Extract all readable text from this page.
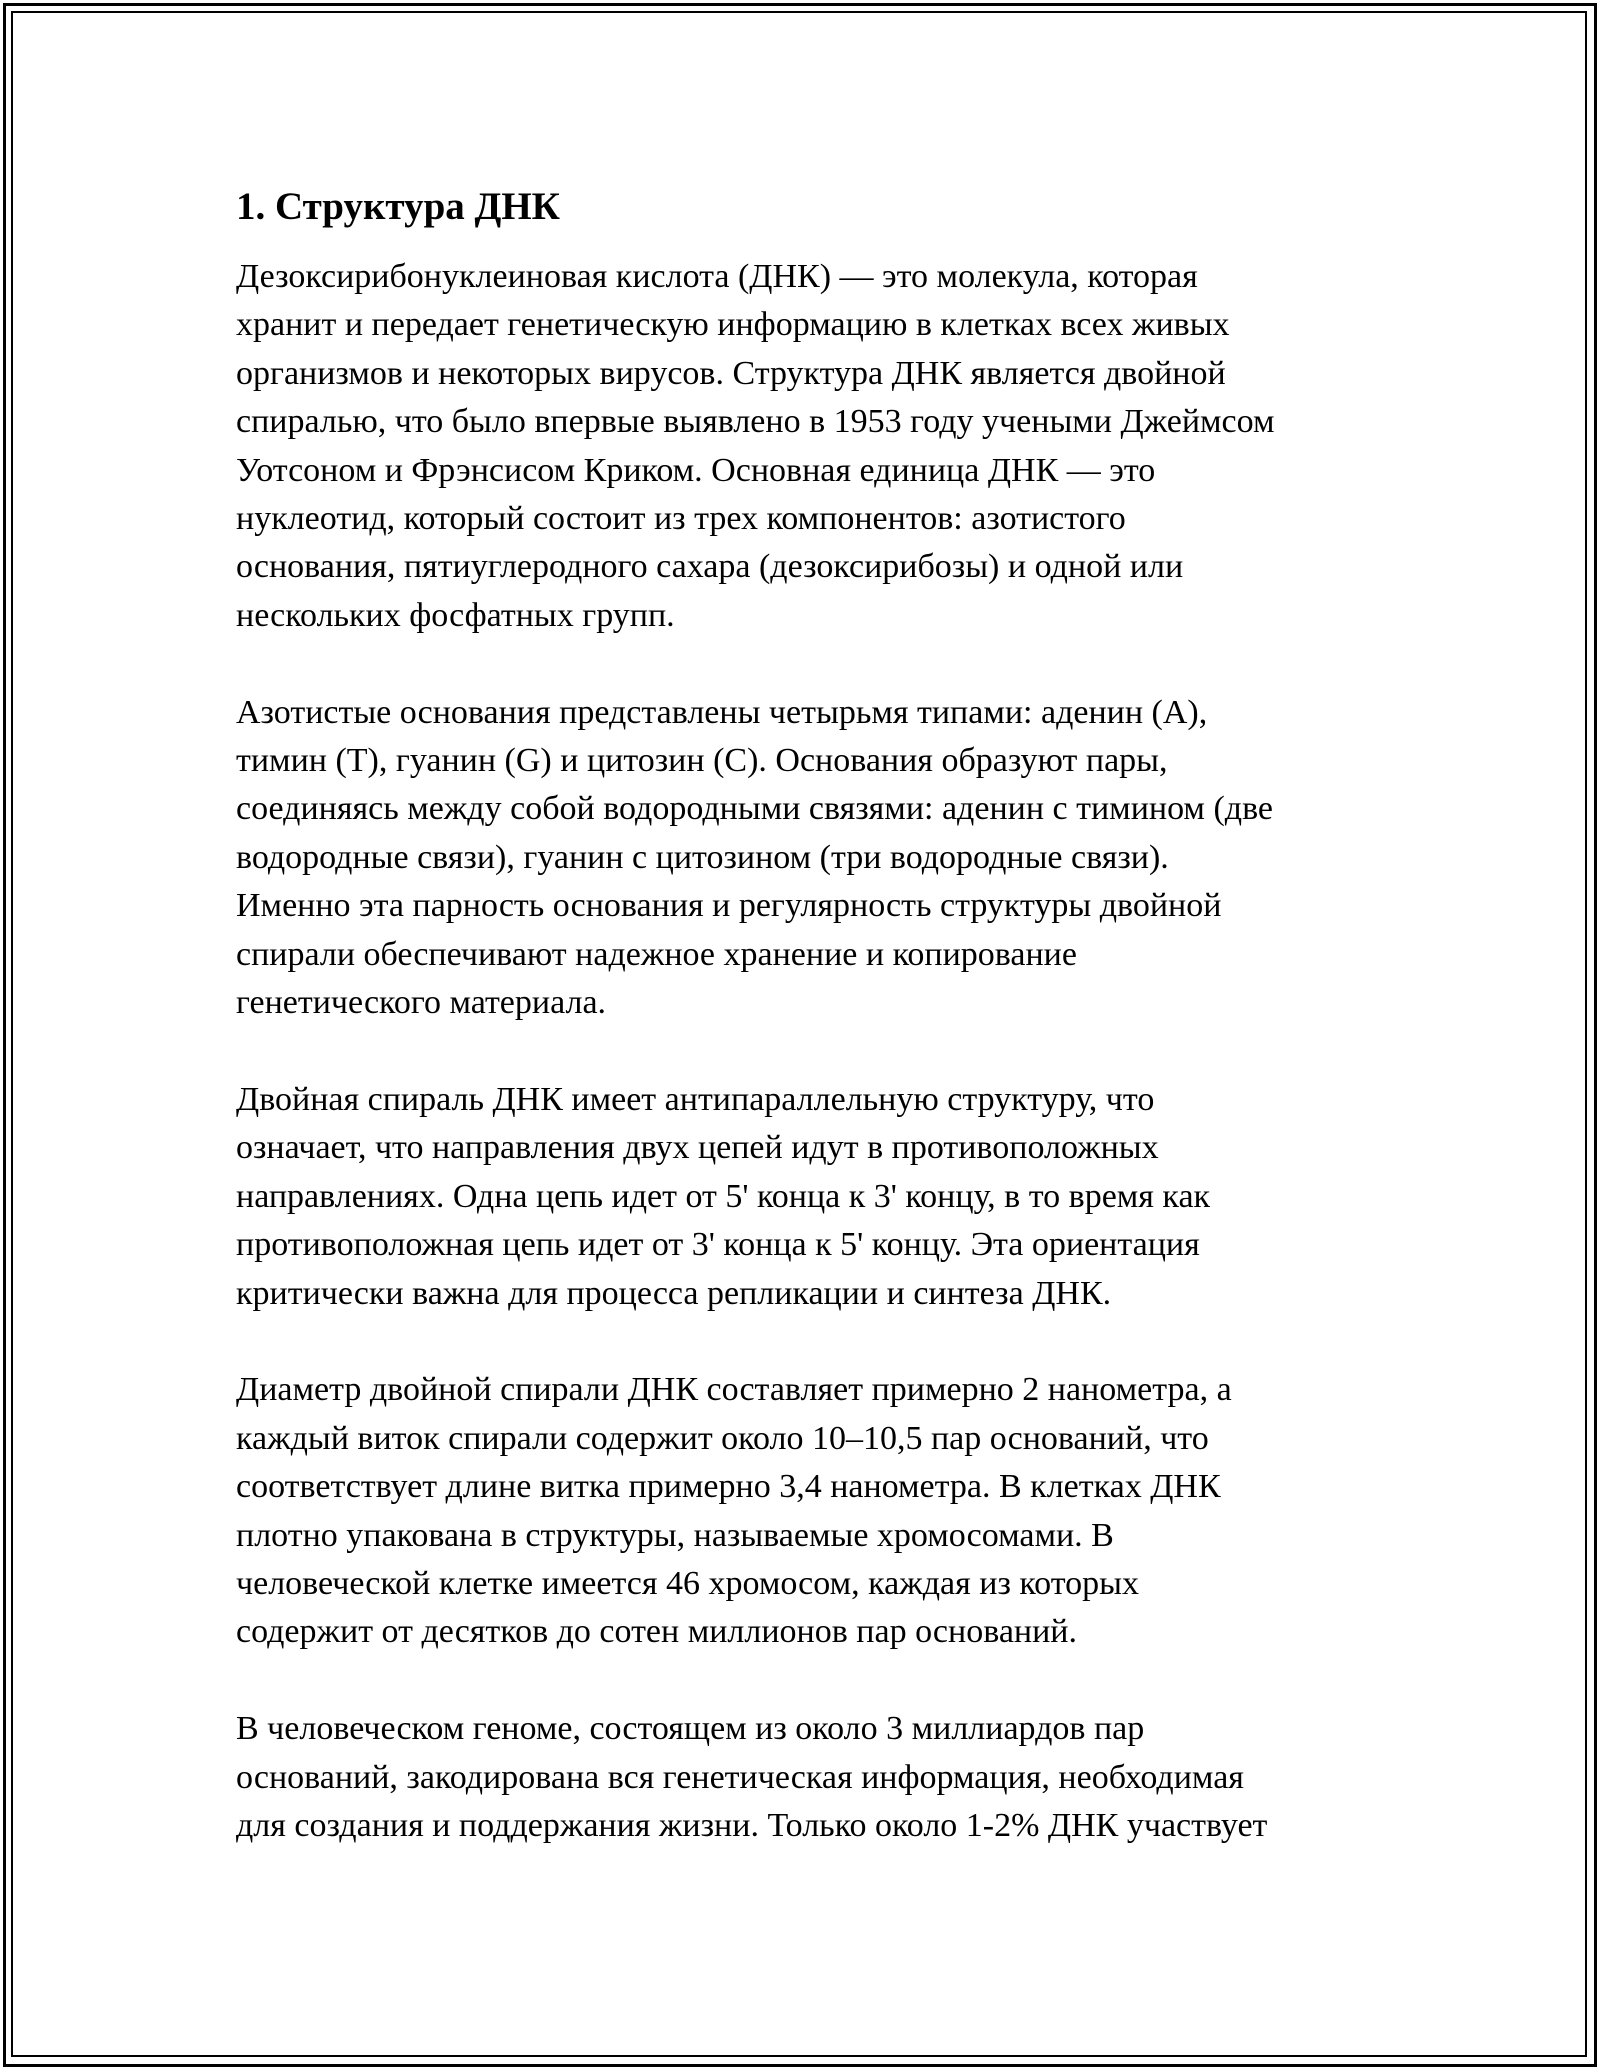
1. Структура ДНК
Дезоксирибонуклеиновая кислота (ДНК) — это молекула, которая
хранит и передает генетическую информацию в клетках всех живых
организмов и некоторых вирусов. Структура ДНК является двойной
спиралью, что было впервые выявлено в 1953 году учеными Джеймсом
Уотсоном и Фрэнсисом Криком. Основная единица ДНК — это
нуклеотид, который состоит из трех компонентов: азотистого
основания, пятиуглеродного сахара (дезоксирибозы) и одной или
нескольких фосфатных групп.
Азотистые основания представлены четырьмя типами: аденин (A),
тимин (T), гуанин (G) и цитозин (C). Основания образуют пары,
соединяясь между собой водородными связями: аденин с тимином (две
водородные связи), гуанин с цитозином (три водородные связи).
Именно эта парность основания и регулярность структуры двойной
спирали обеспечивают надежное хранение и копирование
генетического материала.
Двойная спираль ДНК имеет антипараллельную структуру, что
означает, что направления двух цепей идут в противоположных
направлениях. Одна цепь идет от 5' конца к 3' концу, в то время как
противоположная цепь идет от 3' конца к 5' концу. Эта ориентация
критически важна для процесса репликации и синтеза ДНК.
Диаметр двойной спирали ДНК составляет примерно 2 нанометра, а
каждый виток спирали содержит около 10–10,5 пар оснований, что
соответствует длине витка примерно 3,4 нанометра. В клетках ДНК
плотно упакована в структуры, называемые хромосомами. В
человеческой клетке имеется 46 хромосом, каждая из которых
содержит от десятков до сотен миллионов пар оснований.
В человеческом геноме, состоящем из около 3 миллиардов пар
оснований, закодирована вся генетическая информация, необходимая
для создания и поддержания жизни. Только около 1-2% ДНК участвует
